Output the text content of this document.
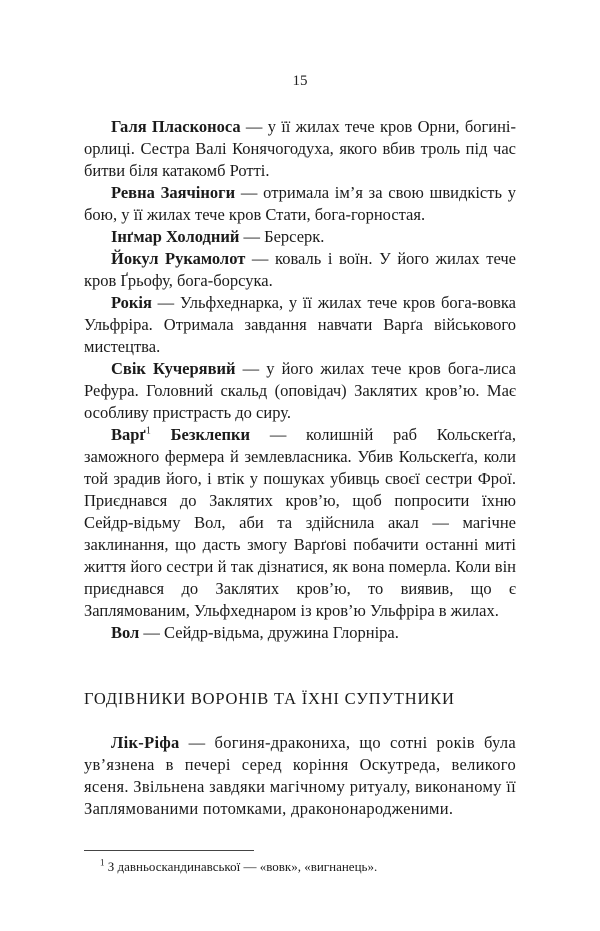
15

Галя Пласконоса — у її жилах тече кров Орни, богині-орлиці. Сестра Валі Конячогодуха, якого вбив троль під час битви біля катакомб Ротті.

Ревна Заячіноги — отримала ім’я за свою швидкість у бою, у її жилах тече кров Стати, бога-горностая.

Інґмар Холодний — Берсерк.

Йокул Рукамолот — коваль і воїн. У його жилах тече кров Ґрьофу, бога-борсука.

Рокія — Ульфхеднарка, у її жилах тече кров бога-вовка Ульфріра. Отримала завдання навчати Варґа військового мистецтва.

Свік Кучерявий — у його жилах тече кров бога-лиса Рефура. Головний скальд (оповідач) Заклятих кров’ю. Має особливу пристрасть до сиру.

Варґ$^1$ Безклепки — колишній раб Кольскеґґа, заможного фермера й землевласника. Убив Кольскеґґа, коли той зрадив його, і втік у пошуках убивць своєї сестри Фрої. Приєднався до Заклятих кров’ю, щоб попросити їхню Сейдр-відьму Вол, аби та здійснила акал — магічне заклинання, що дасть змогу Варґові побачити останні миті життя його сестри й так дізнатися, як вона померла. Коли він приєднався до Заклятих кров’ю, то виявив, що є Заплямованим, Ульфхеднаром із кров’ю Ульфріра в жилах.

Вол — Сейдр-відьма, дружина Глорніра.

ГОДІВНИКИ ВОРОНІВ ТА ЇХНІ СУПУТНИКИ

Лік-Ріфа — богиня-дракониха, що сотні років була ув’язнена в печері серед коріння Оскутреда, великого ясеня. Звільнена завдяки магічному ритуалу, виконаному її Заплямованими потомками, дракононародженими.

$^1$ З давньоскандинавської — «вовк», «вигнанець».
